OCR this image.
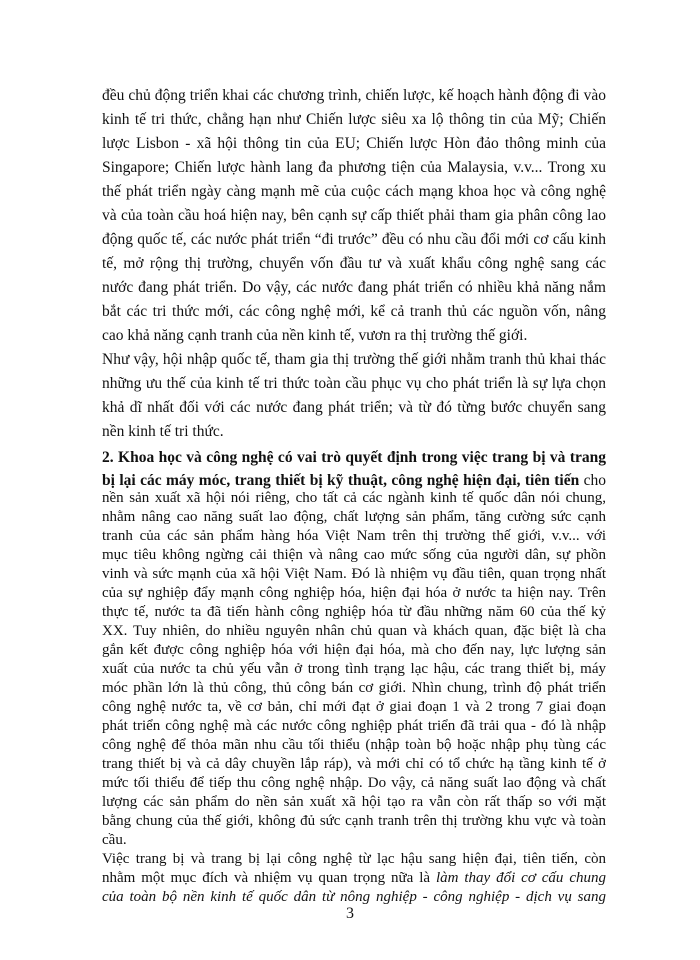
đều chủ động triển khai các chương trình, chiến lược, kế hoạch hành động đi vào
kinh tế tri thức, chẳng hạn như Chiến lược siêu xa lộ thông tin của Mỹ; Chiến
lược Lisbon - xã hội thông tin của EU; Chiến lược Hòn đảo thông minh của
Singapore; Chiến lược hành lang đa phương tiện của Malaysia, v.v... Trong xu
thế phát triển ngày càng mạnh mẽ của cuộc cách mạng khoa học và công nghệ
và của toàn cầu hoá hiện nay, bên cạnh sự cấp thiết phải tham gia phân công lao
động quốc tế, các nước phát triển “đi trước” đều có nhu cầu đổi mới cơ cấu kinh
tế, mở rộng thị trường, chuyển vốn đầu tư và xuất khẩu công nghệ sang các
nước đang phát triển. Do vậy, các nước đang phát triển có nhiều khả năng nắm
bắt các tri thức mới, các công nghệ mới, kể cả tranh thủ các nguồn vốn, nâng
cao khả năng cạnh tranh của nền kinh tế, vươn ra thị trường thế giới.
Như vậy, hội nhập quốc tế, tham gia thị trường thế giới nhằm tranh thủ khai thác
những ưu thế của kinh tế tri thức toàn cầu phục vụ cho phát triển là sự lựa chọn
khả dĩ nhất đối với các nước đang phát triển; và từ đó từng bước chuyển sang
nền kinh tế tri thức.
2. Khoa học và công nghệ có vai trò quyết định trong việc trang bị và trang
bị lại các máy móc, trang thiết bị kỹ thuật, công nghệ hiện đại, tiên tiến cho
nền sản xuất xã hội nói riêng, cho tất cả các ngành kinh tế quốc dân nói chung,
nhằm nâng cao năng suất lao động, chất lượng sản phẩm, tăng cường sức cạnh
tranh của các sản phẩm hàng hóa Việt Nam trên thị trường thế giới, v.v... với
mục tiêu không ngừng cải thiện và nâng cao mức sống của người dân, sự phồn
vinh và sức mạnh của xã hội Việt Nam. Đó là nhiệm vụ đầu tiên, quan trọng nhất
của sự nghiệp đẩy mạnh công nghiệp hóa, hiện đại hóa ở nước ta hiện nay. Trên
thực tế, nước ta đã tiến hành công nghiệp hóa từ đầu những năm 60 của thế kỷ
XX. Tuy nhiên, do nhiều nguyên nhân chủ quan và khách quan, đặc biệt là cha
gắn kết được công nghiệp hóa với hiện đại hóa, mà cho đến nay, lực lượng sản
xuất của nước ta chủ yếu vẫn ở trong tình trạng lạc hậu, các trang thiết bị, máy
móc phần lớn là thủ công, thủ công bán cơ giới. Nhìn chung, trình độ phát triển
công nghệ nước ta, về cơ bản, chỉ mới đạt ở giai đoạn 1 và 2 trong 7 giai đoạn
phát triển công nghệ mà các nước công nghiệp phát triển đã trải qua - đó là nhập
công nghệ để thỏa mãn nhu cầu tối thiểu (nhập toàn bộ hoặc nhập phụ tùng các
trang thiết bị và cả dây chuyền lắp ráp), và mới chỉ có tổ chức hạ tầng kinh tế ở
mức tối thiểu để tiếp thu công nghệ nhập. Do vậy, cả năng suất lao động và chất
lượng các sản phẩm do nền sản xuất xã hội tạo ra vẫn còn rất thấp so với mặt
bằng chung của thế giới, không đủ sức cạnh tranh trên thị trường khu vực và toàn
cầu.
Việc trang bị và trang bị lại công nghệ từ lạc hậu sang hiện đại, tiên tiến, còn
nhằm một mục đích và nhiệm vụ quan trọng nữa là làm thay đổi cơ cấu chung
của toàn bộ nền kinh tế quốc dân từ nông nghiệp - công nghiệp - dịch vụ sang
3
